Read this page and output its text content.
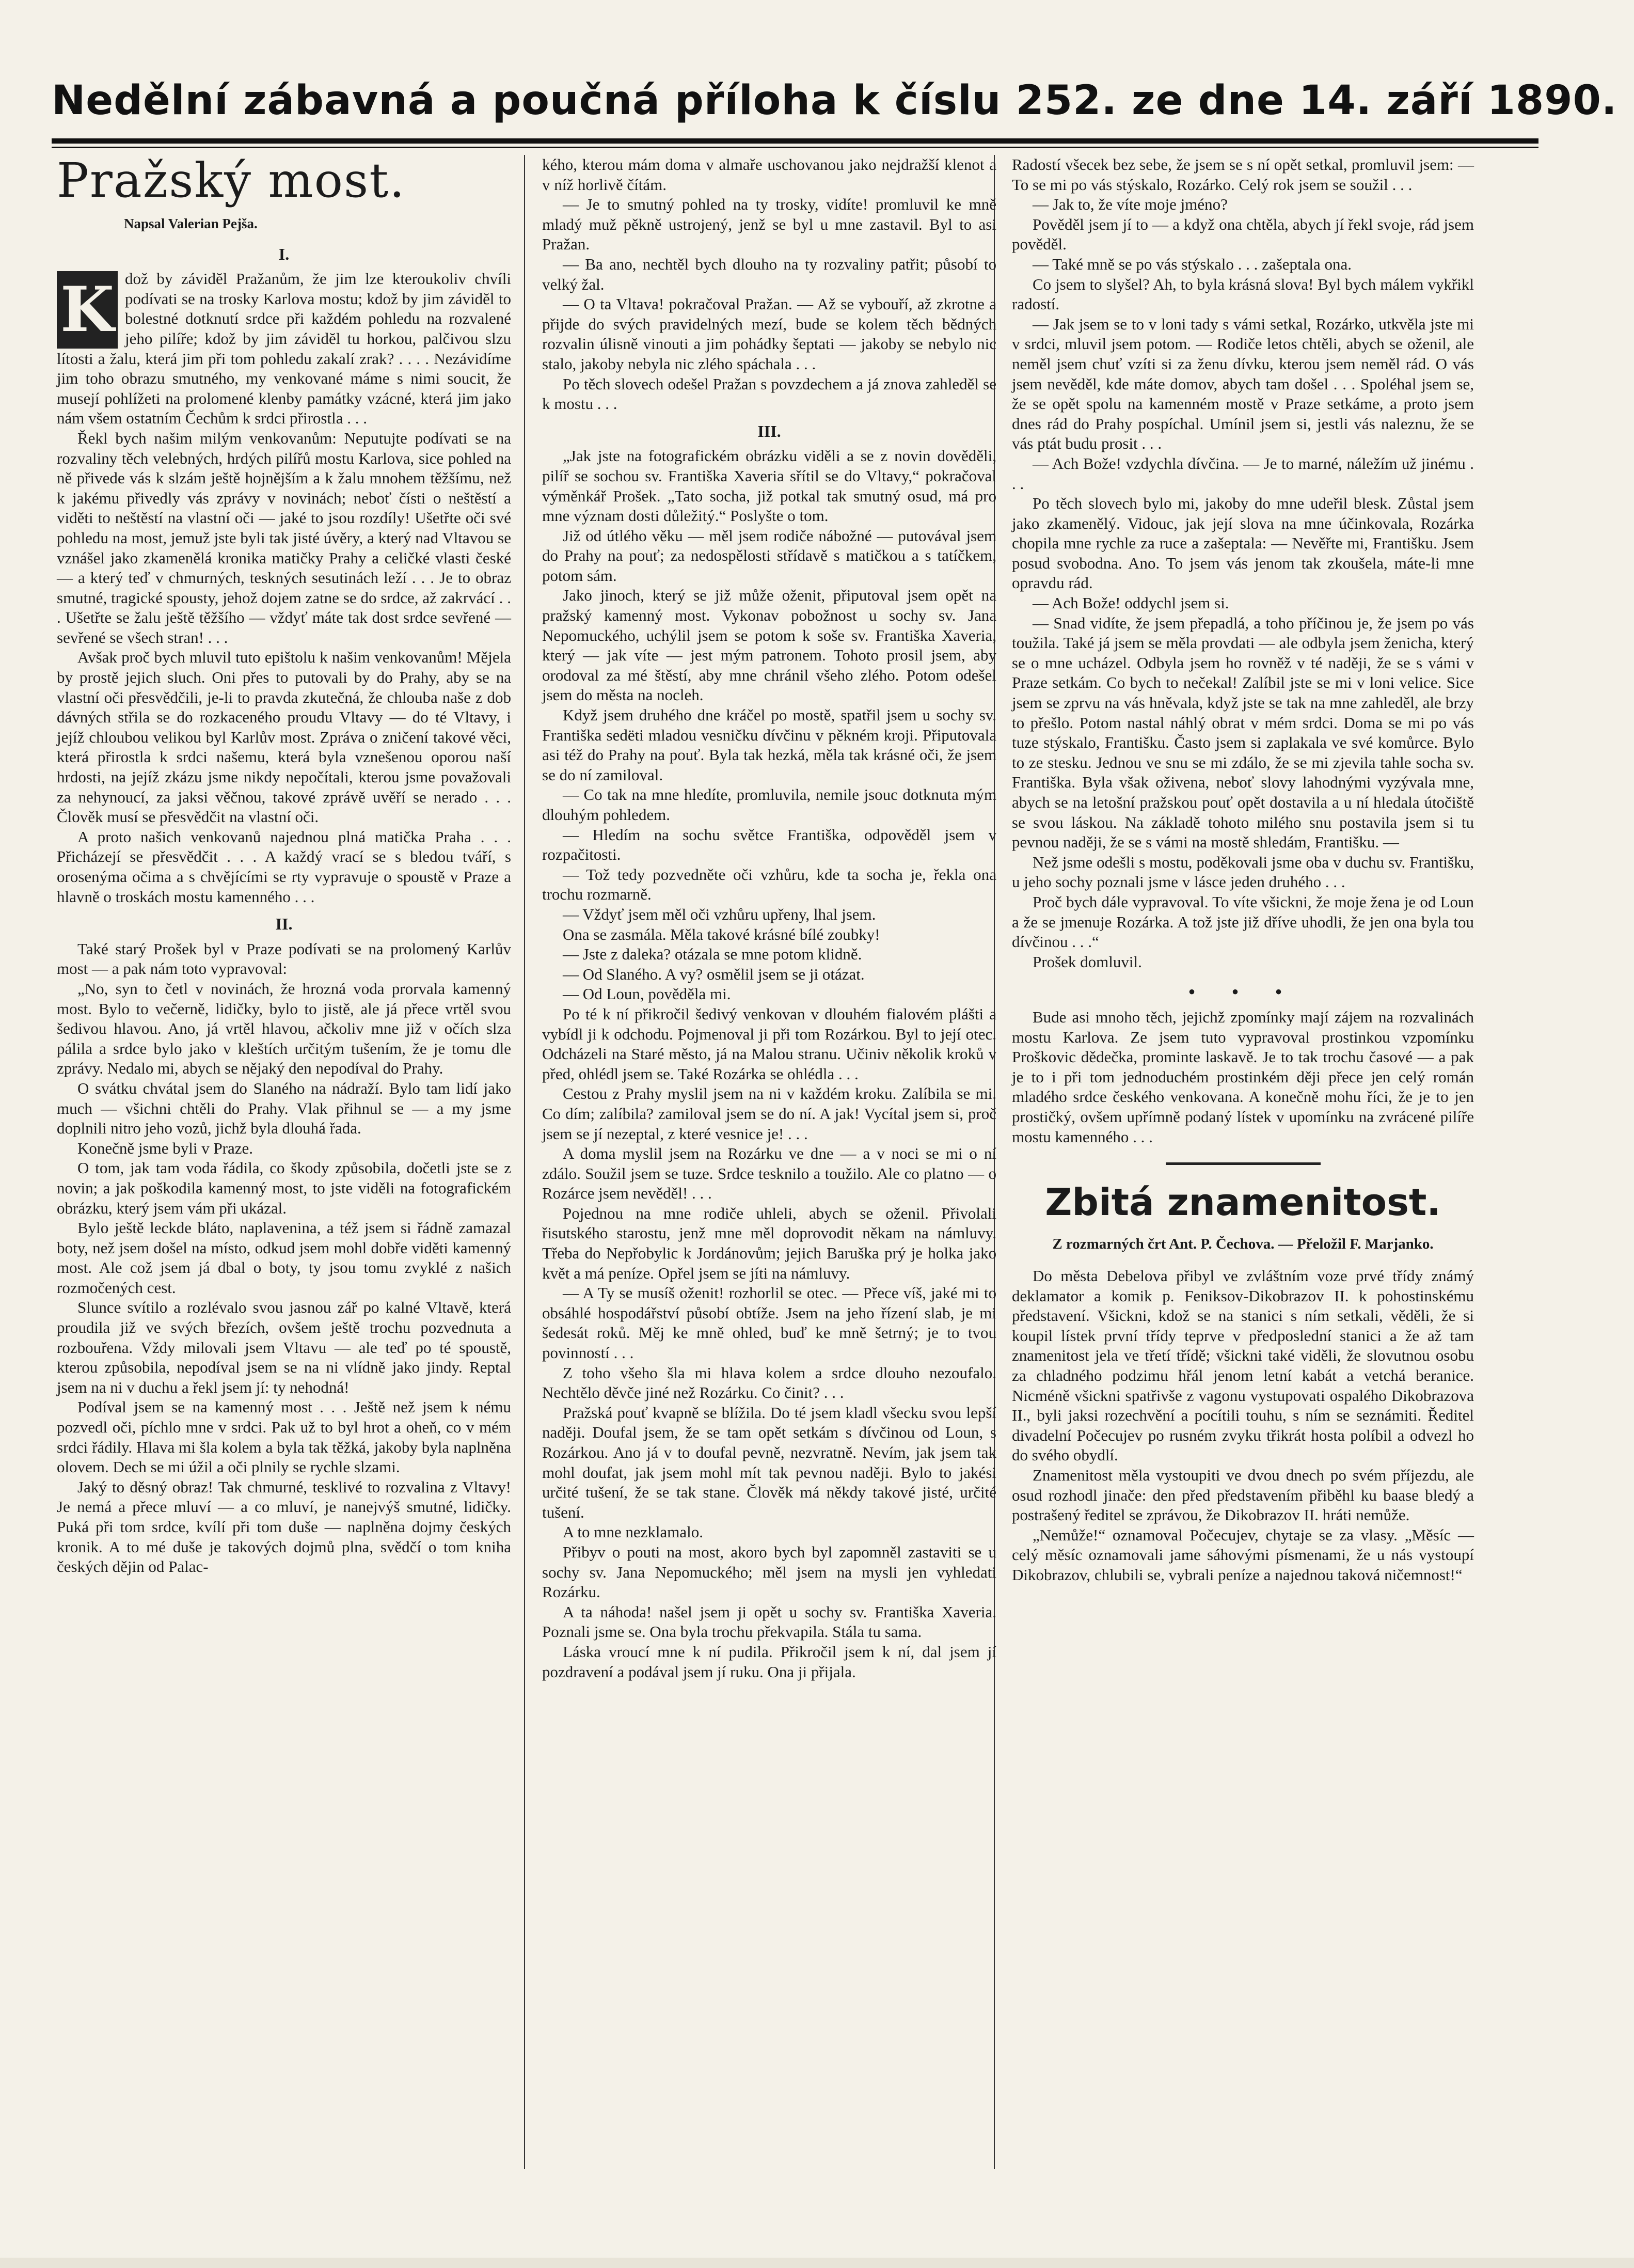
Nedělní zábavná a poučná příloha k číslu 252. ze dne 14. září 1890.
Pražský most.
Napsal Valerian Pejša.
I.

K dož by závidĕl Pražanům, že jim lze kteroukoliv chvíli podívati se na trosky Karlova mostu; kdož by jim závidĕl to bolestné dotknutí srdce při každém pohledu na rozvalené jeho pilíře; kdož by jim závidĕl tu horkou, palčivou slzu lítosti a žalu, která jim při tom pohledu zakalí zrak? . . . . Nezávidíme jim toho obrazu smutného, my venkované máme s nimi soucit, že musejí pohlížeti na prolomené klenby památky vzácné, která jim jako nám všem ostatním Čechům k srdci přirostla . . .

Řekl bych našim milým venkovanům: Neputujte podívati se na rozvaliny těch velebných, hrdých pilířů mostu Karlova, sice pohled na ně přivede vás k slzám ještě hojnějším a k žalu mnohem těžšímu, než k jakému přivedly vás zprávy v novinách; neboť čísti o neštěstí a viděti to neštěstí na vlastní oči — jaké to jsou rozdíly! Ušetřte oči své pohledu na most, jemuž jste byli tak jisté úvěry, a který nad Vltavou se vznášel jako zkamenělá kronika matičky Prahy a celičké vlasti české — a který teď v chmurných, teskných sesutinách leží . . . Je to obraz smutné, tragické spousty, jehož dojem zatne se do srdce, až zakrvácí . . . Ušetřte se žalu ještě těžšího — vždyť máte tak dost srdce sevřené — sevřené se všech stran! . . .

Avšak proč bych mluvil tuto epištolu k našim venkovanům! Mějela by prostě jejich sluch. Oni přes to putovali by do Prahy, aby se na vlastní oči přesvědčili, je-li to pravda zkutečná, že chlouba naše z dob dávných střila se do rozkaceného proudu Vltavy — do té Vltavy, i jejíž chloubou velikou byl Karlův most. Zpráva o zničení takové věci, která přirostla k srdci našemu, která byla vznešenou oporou naší hrdosti, na jejíž zkázu jsme nikdy nepočítali, kterou jsme považovali za nehynoucí, za jaksi věčnou, takové zprávě uvěří se nerado . . . Člověk musí se přesvědčit na vlastní oči.

A proto našich venkovanů najednou plná matička Praha . . . Přicházejí se přesvědčit . . . A každý vrací se s bledou tváří, s orosenýma očima a s chvějícími se rty vypravuje o spoustě v Praze a hlavně o troskách mostu kamenného . . .

II.

Také starý Prošek byl v Praze podívati se na prolomený Karlův most — a pak nám toto vypravoval:

„No, syn to četl v novinách, že hrozná voda prorvala kamenný most. Bylo to večerně, lidičky, bylo to jistě, ale já přece vrtěl svou šedivou hlavou. Ano, já vrtěl hlavou, ačkoliv mne již v očích slza pálila a srdce bylo jako v kleštích určitým tušením, že je tomu dle zprávy. Nedalo mi, abych se nějaký den nepodíval do Prahy.

O svátku chvátal jsem do Slaného na nádraží. Bylo tam lidí jako much — všichni chtěli do Prahy. Vlak přihnul se — a my jsme doplnili nitro jeho vozů, jichž byla dlouhá řada.

Konečně jsme byli v Praze.

O tom, jak tam voda řádila, co škody způsobila, dočetli jste se z novin; a jak poškodila kamenný most, to jste viděli na fotografickém obrázku, který jsem vám při ukázal.

Bylo ještě leckde bláto, naplavenina, a též jsem si řádně zamazal boty, než jsem došel na místo, odkud jsem mohl dobře viděti kamenný most. Ale což jsem já dbal o boty, ty jsou tomu zvyklé z našich rozmočených cest.

Slunce svítilo a rozlévalo svou jasnou zář po kalné Vltavě, která proudila již ve svých březích, ovšem ještě trochu pozvednuta a rozbouřena. Vždy milovali jsem Vltavu — ale teď po té spoustě, kterou způsobila, nepodíval jsem se na ni vlídně jako jindy. Reptal jsem na ni v duchu a řekl jsem jí: ty nehodná!

Podíval jsem se na kamenný most . . . Ještě než jsem k nému pozvedl oči, píchlo mne v srdci. Pak už to byl hrot a oheň, co v mém srdci řádily. Hlava mi šla kolem a byla tak těžká, jakoby byla naplněna olovem. Dech se mi úžil a oči plnily se rychle slzami.

Jaký to děsný obraz! Tak chmurné, tesklivé to rozvalina z Vltavy! Je nemá a přece mluví — a co mluví, je nanejvýš smutné, lidičky. Puká při tom srdce, kvílí při tom duše — naplněna dojmy českých kronik. A to mé duše je takových dojmů plna, svědčí o tom kniha českých dějin od Palac-

kého, kterou mám doma v almaře uschovanou jako nejdražší klenot a v níž horlivě čítám.

— Je to smutný pohled na ty trosky, vidíte! promluvil ke mně mladý muž pěkně ustrojený, jenž se byl u mne zastavil. Byl to asi Pražan.

— Ba ano, nechtěl bych dlouho na ty rozvaliny patřit; působí to velký žal.

— O ta Vltava! pokračoval Pražan. — Až se vybouří, až zkrotne a přijde do svých pravidelných mezí, bude se kolem těch bědných rozvalin úlisně vinouti a jim pohádky šeptati — jakoby se nebylo nic stalo, jakoby nebyla nic zlého spáchala . . .

Po těch slovech odešel Pražan s povzdechem a já znova zahleděl se k mostu . . .

III.

„Jak jste na fotografickém obrázku viděli a se z novin dověděli, pilíř se sochou sv. Františka Xaveria sřítil se do Vltavy,“ pokračoval výměnkář Prošek. „Tato socha, již potkal tak smutný osud, má pro mne význam dosti důležitý.“ Poslyšte o tom.

Již od útlého věku — měl jsem rodiče nábožné — putovával jsem do Prahy na pouť; za nedospělosti střídavě s matičkou a s tatíčkem, potom sám.

Jako jinoch, který se již může oženit, připutoval jsem opět na pražský kamenný most. Vykonav pobožnost u sochy sv. Jana Nepomuckého, uchýlil jsem se potom k soše sv. Františka Xaveria, který — jak víte — jest mým patronem. Tohoto prosil jsem, aby orodoval za mé štěstí, aby mne chránil všeho zlého. Potom odešel jsem do města na nocleh.

Když jsem druhého dne kráčel po mostě, spatřil jsem u sochy sv. Františka sedëti mladou vesničku dívčinu v pěkném kroji. Připutovala asi též do Prahy na pouť. Byla tak hezká, měla tak krásné oči, že jsem se do ní zamiloval.

— Co tak na mne hledíte, promluvila, nemile jsouc dotknuta mým dlouhým pohledem.

— Hledím na sochu světce Františka, odpověděl jsem v rozpačitosti.

— Tož tedy pozvedněte oči vzhůru, kde ta socha je, řekla ona trochu rozmarně.

— Vždyť jsem měl oči vzhůru upřeny, lhal jsem.

Ona se zasmála. Měla takové krásné bílé zoubky!

— Jste z daleka? otázala se mne potom klidně.

— Od Slaného. A vy? osmělil jsem se ji otázat.

— Od Loun, pověděla mi.

Po té k ní přikročil šedivý venkovan v dlouhém fialovém plášti a vybídl ji k odchodu. Pojmenoval ji při tom Rozárkou. Byl to její otec. Odcházeli na Staré město, já na Malou stranu. Učiniv několik kroků v před, ohlédl jsem se. Také Rozárka se ohlédla . . .

Cestou z Prahy myslil jsem na ni v každém kroku. Zalíbila se mi. Co dím; zalíbila? zamiloval jsem se do ní. A jak! Vycítal jsem si, proč jsem se jí nezeptal, z které vesnice je! . . .

A doma myslil jsem na Rozárku ve dne — a v noci se mi o ní zdálo. Soužil jsem se tuze. Srdce tesknilo a toužilo. Ale co platno — o Rozárce jsem nevěděl! . . .

Pojednou na mne rodiče uhleli, abych se oženil. Přivolali řisutského starostu, jenž mne měl doprovodit někam na námluvy. Třeba do Nepřobylic k Jordánovům; jejich Baruška prý je holka jako květ a má peníze. Opřel jsem se jíti na námluvy.

— A Ty se musíš oženit! rozhorlil se otec. — Přece víš, jaké mi to obsáhlé hospodářství působí obtíže. Jsem na jeho řízení slab, je mi šedesát roků. Měj ke mně ohled, buď ke mně šetrný; je to tvou povinností . . .

Z toho všeho šla mi hlava kolem a srdce dlouho nezoufalo. Nechtělo děvče jiné než Rozárku. Co činit? . . .

Pražská pouť kvapně se blížila. Do té jsem kladl všecku svou lepší naději. Doufal jsem, že se tam opět setkám s dívčinou od Loun, s Rozárkou. Ano já v to doufal pevně, nezvratně. Nevím, jak jsem tak mohl doufat, jak jsem mohl mít tak pevnou naději. Bylo to jakési určité tušení, že se tak stane. Člověk má někdy takové jisté, určité tušení.

A to mne nezklamalo.

Přibyv o pouti na most, akoro bych byl zapomněl zastaviti se u sochy sv. Jana Nepomuckého; měl jsem na mysli jen vyhledati Rozárku.

A ta náhoda! našel jsem ji opět u sochy sv. Františka Xaveria. Poznali jsme se. Ona byla trochu překvapila. Stála tu sama.

Láska vroucí mne k ní pudila. Přikročil jsem k ní, dal jsem jí pozdravení a podával jsem jí ruku. Ona ji přijala.

Radostí všecek bez sebe, že jsem se s ní opět setkal, promluvil jsem: — To se mi po vás stýskalo, Rozárko. Celý rok jsem se soužil . . .

— Jak to, že víte moje jméno?

Pověděl jsem jí to — a když ona chtěla, abych jí řekl svoje, rád jsem pověděl.

— Také mně se po vás stýskalo . . . zašeptala ona.

Co jsem to slyšel? Ah, to byla krásná slova! Byl bych málem vykřikl radostí.

— Jak jsem se to v loni tady s vámi setkal, Rozárko, utkvěla jste mi v srdci, mluvil jsem potom. — Rodiče letos chtěli, abych se oženil, ale neměl jsem chuť vzíti si za ženu dívku, kterou jsem neměl rád. O vás jsem nevěděl, kde máte domov, abych tam došel . . . Spoléhal jsem se, že se opět spolu na kamenném mostě v Praze setkáme, a proto jsem dnes rád do Prahy pospíchal. Umínil jsem si, jestli vás naleznu, že se vás ptát budu prosit . . .

— Ach Bože! vzdychla dívčina. — Je to marné, náležím už jinému . . .

Po těch slovech bylo mi, jakoby do mne udeřil blesk. Zůstal jsem jako zkamenělý. Vidouc, jak její slova na mne účinkovala, Rozárka chopila mne rychle za ruce a zašeptala: — Nevěřte mi, Františku. Jsem posud svobodna. Ano. To jsem vás jenom tak zkoušela, máte-li mne opravdu rád.

— Ach Bože! oddychl jsem si.

— Snad vidíte, že jsem přepadlá, a toho příčinou je, že jsem po vás toužila. Také já jsem se měla provdati — ale odbyla jsem ženicha, který se o mne ucházel. Odbyla jsem ho rovněž v té naději, že se s vámi v Praze setkám. Co bych to nečekal! Zalíbil jste se mi v loni velice. Sice jsem se zprvu na vás hněvala, když jste se tak na mne zahleděl, ale brzy to přešlo. Potom nastal náhlý obrat v mém srdci. Doma se mi po vás tuze stýskalo, Františku. Často jsem si zaplakala ve své komůrce. Bylo to ze stesku. Jednou ve snu se mi zdálo, že se mi zjevila tahle socha sv. Františka. Byla však oživena, neboť slovy lahodnými vyzývala mne, abych se na letošní pražskou pouť opět dostavila a u ní hledala útočiště se svou láskou. Na základě tohoto milého snu postavila jsem si tu pevnou naději, že se s vámi na mostě shledám, Františku. —

Než jsme odešli s mostu, poděkovali jsme oba v duchu sv. Františku, u jeho sochy poznali jsme v lásce jeden druhého . . .

Proč bych dále vypravoval. To víte všickni, že moje žena je od Loun a že se jmenuje Rozárka. A tož jste již dříve uhodli, že jen ona byla tou dívčinou . . .“

Prošek domluvil.

• • •

Bude asi mnoho těch, jejichž zpomínky mají zájem na rozvalinách mostu Karlova. Ze jsem tuto vypravoval prostinkou vzpomínku Proškovic dědečka, prominte laskavě. Je to tak trochu časové — a pak je to i při tom jednoduchém prostinkém ději přece jen celý román mladého srdce českého venkovana. A konečně mohu říci, že je to jen prostičký, ovšem upřímně podaný lístek v upomínku na zvrácené pilíře mostu kamenného . . .

Zbitá znamenitost.
Z rozmarných črt Ant. P. Čechova. — Přeložil F. Marjanko.

Do města Debelova přibyl ve zvláštním voze prvé třídy známý deklamator a komik p. Feniksov-Dikobrazov II. k pohostinskému představení. Všickni, kdož se na stanici s ním setkali, věděli, že si koupil lístek první třídy teprve v předposlední stanici a že až tam znamenitost jela ve třetí třídě; všickni také viděli, že slovutnou osobu za chladného podzimu hřál jenom letní kabát a vetchá beranice. Nicméně všickni spatřivše z vagonu vystupovati ospalého Dikobrazova II., byli jaksi rozechvění a pocítili touhu, s ním se seznámiti. Ředitel divadelní Počecujev po rusném zvyku třikrát hosta políbil a odvezl ho do svého obydlí.

Znamenitost měla vystoupiti ve dvou dnech po svém příjezdu, ale osud rozhodl jinače: den před představením přiběhl ku baase bledý a postrašený ředitel se zprávou, že Dikobrazov II. hráti nemůže.

„Nemůže!“ oznamoval Počecujev, chytaje se za vlasy. „Měsíc — celý měsíc oznamovali jame sáhovými písmenami, že u nás vystoupí Dikobrazov, chlubili se, vybrali peníze a najednou taková ničemnost!“
